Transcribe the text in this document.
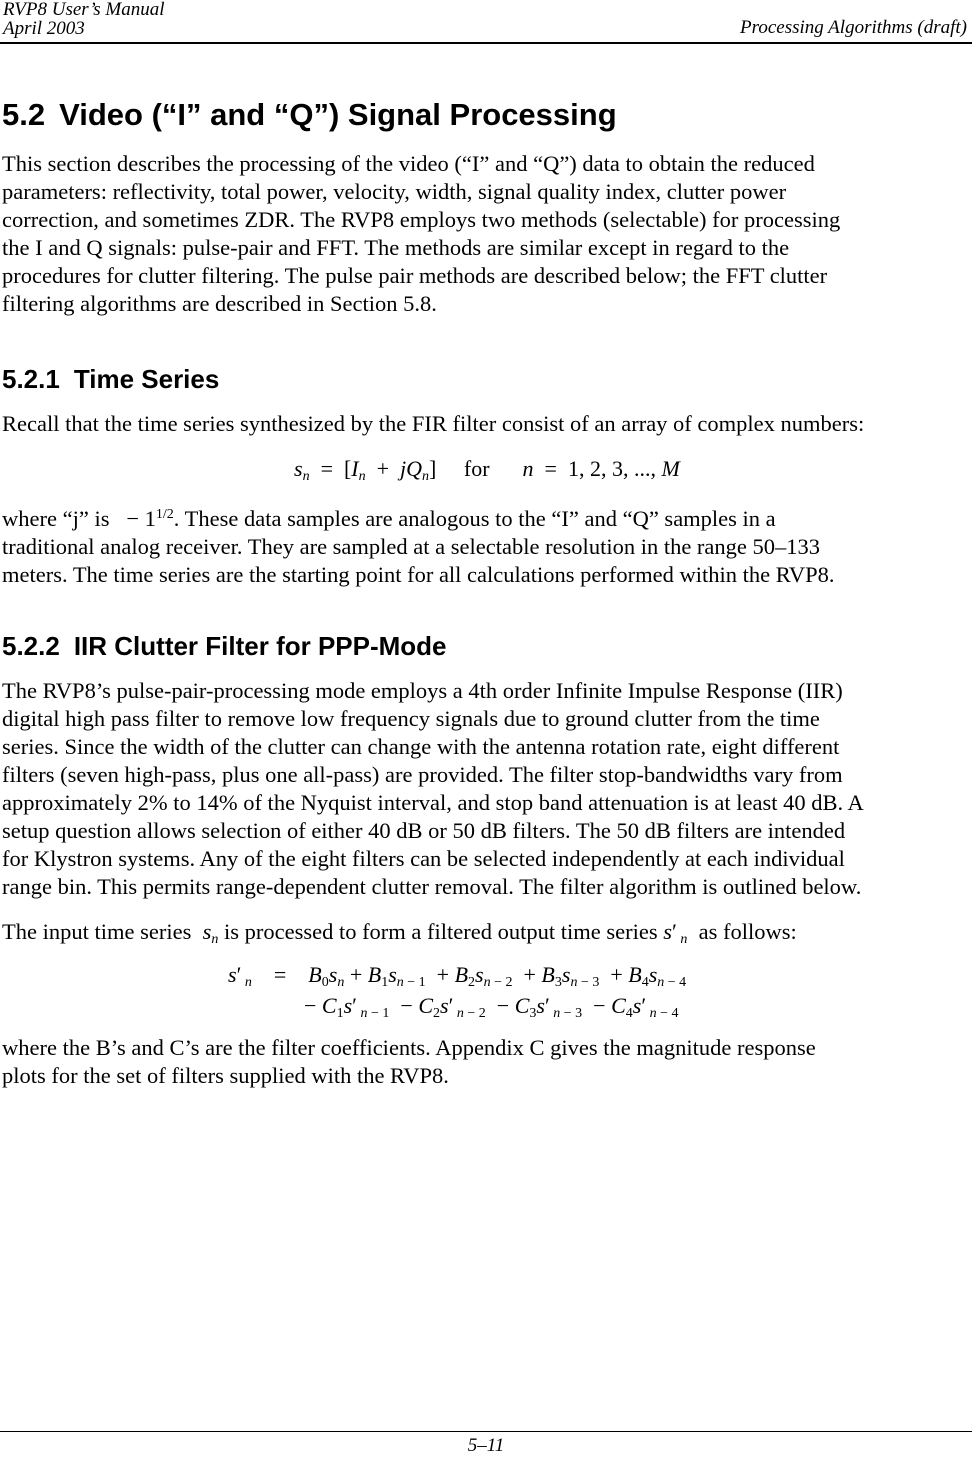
RVP8 User’s Manual
April 2003	Processing Algorithms (draft)
5.2 Video (“I” and “Q”) Signal Processing
This section describes the processing of the video (“I” and “Q”) data to obtain the reduced
parameters: reflectivity, total power, velocity, width, signal quality index, clutter power
correction, and sometimes ZDR. The RVP8 employs two methods (selectable) for processing
the I and Q signals: pulse-pair and FFT. The methods are similar except in regard to the
procedures for clutter filtering. The pulse pair methods are described below; the FFT clutter
filtering algorithms are described in Section 5.8.
5.2.1 Time Series
Recall that the time series synthesized by the FIR filter consist of an array of complex numbers:
$s_n = [I_n + jQ_n]$     for n  =  1, 2, 3, ..., M
where “j” is   − $1^{1/2}$. These data samples are analogous to the “I” and “Q” samples in a
traditional analog receiver. They are sampled at a selectable resolution in the range 50–133
meters. The time series are the starting point for all calculations performed within the RVP8.
5.2.2 IIR Clutter Filter for PPP-Mode
The RVP8’s pulse-pair-processing mode employs a 4th order Infinite Impulse Response (IIR)
digital high pass filter to remove low frequency signals due to ground clutter from the time
series. Since the width of the clutter can change with the antenna rotation rate, eight different
filters (seven high-pass, plus one all-pass) are provided. The filter stop-bandwidths vary from
approximately 2% to 14% of the Nyquist interval, and stop band attenuation is at least 40 dB. A
setup question allows selection of either 40 dB or 50 dB filters. The 50 dB filters are intended
for Klystron systems. Any of the eight filters can be selected independently at each individual
range bin. This permits range-dependent clutter removal. The filter algorithm is outlined below.
The input time series $s_n$ is processed to form a filtered output time series s′ $_n$ as follows:
s′ $_n$    =    $B_0s_n + B_1s_{n - 1} + B_2s_{n - 2} + B_3s_{n - 3} + B_4s_{n - 4}$
− $C_1s'$ $_{n - 1} - C_2s'$ $_{n - 2} - C_3s'$ $_{n - 3} - C_4s'$ $_{n - 4}$
where the B’s and C’s are the filter coefficients. Appendix C gives the magnitude response
plots for the set of filters supplied with the RVP8.
5–11
